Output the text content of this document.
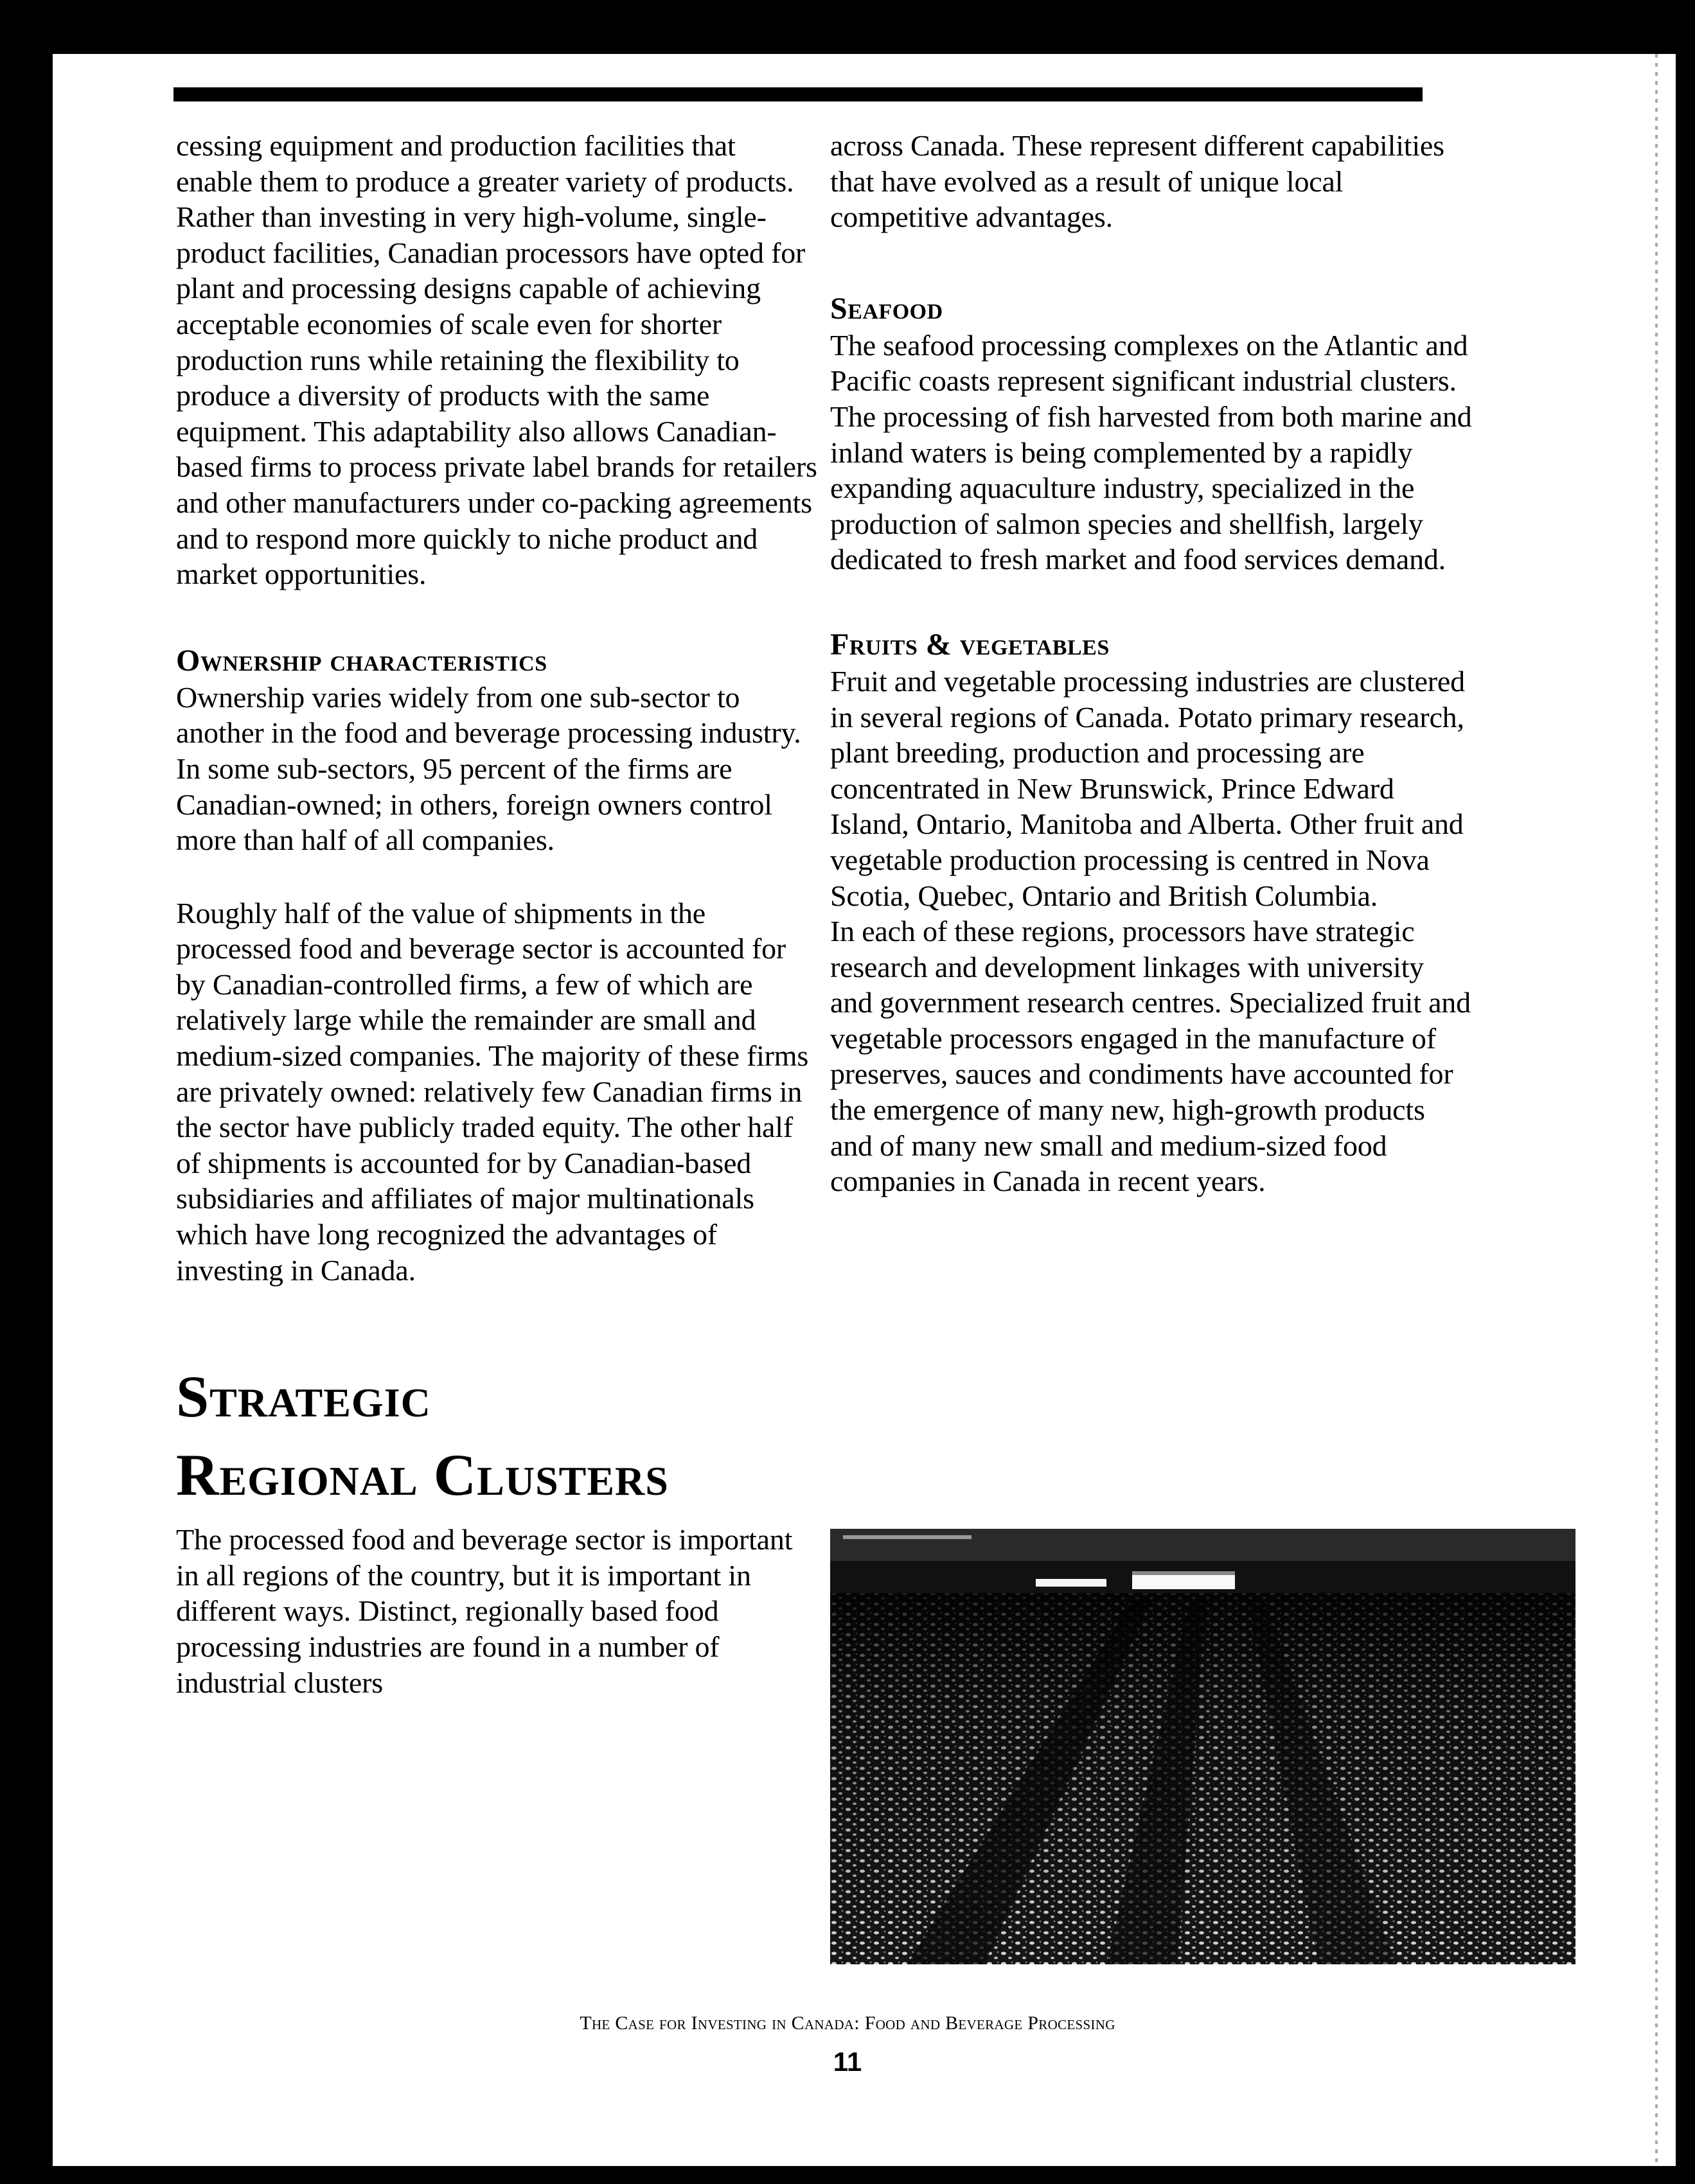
cessing equipment and production facilities that enable them to produce a greater variety of products. Rather than investing in very high-volume, single-product facilities, Canadian processors have opted for plant and processing designs capable of achieving acceptable economies of scale even for shorter production runs while retaining the flexibility to produce a diversity of products with the same equipment. This adaptability also allows Canadian-based firms to process private label brands for retailers and other manufacturers under co-packing agreements and to respond more quickly to niche product and market opportunities.

Ownership characteristics

Ownership varies widely from one sub-sector to another in the food and beverage processing industry. In some sub-sectors, 95 percent of the firms are Canadian-owned; in others, foreign owners control more than half of all companies.

Roughly half of the value of shipments in the processed food and beverage sector is accounted for by Canadian-controlled firms, a few of which are relatively large while the remainder are small and medium-sized companies. The majority of these firms are privately owned: relatively few Canadian firms in the sector have publicly traded equity. The other half of shipments is accounted for by Canadian-based subsidiaries and affiliates of major multinationals which have long recognized the advantages of investing in Canada.

Strategic
Regional Clusters

The processed food and beverage sector is important in all regions of the country, but it is important in different ways. Distinct, regionally based food processing industries are found in a number of industrial clusters

across Canada. These represent different capabilities that have evolved as a result of unique local competitive advantages.

Seafood

The seafood processing complexes on the Atlantic and Pacific coasts represent significant industrial clusters. The processing of fish harvested from both marine and inland waters is being complemented by a rapidly expanding aquaculture industry, specialized in the production of salmon species and shellfish, largely dedicated to fresh market and food services demand.

Fruits & vegetables

Fruit and vegetable processing industries are clustered in several regions of Canada. Potato primary research, plant breeding, production and processing are concentrated in New Brunswick, Prince Edward Island, Ontario, Manitoba and Alberta. Other fruit and vegetable production processing is centred in Nova Scotia, Quebec, Ontario and British Columbia.

In each of these regions, processors have strategic research and development linkages with university and government research centres. Specialized fruit and vegetable processors engaged in the manufacture of preserves, sauces and condiments have accounted for the emergence of many new, high-growth products and of many new small and medium-sized food companies in Canada in recent years.

The Case for Investing in Canada: Food and Beverage Processing
11
